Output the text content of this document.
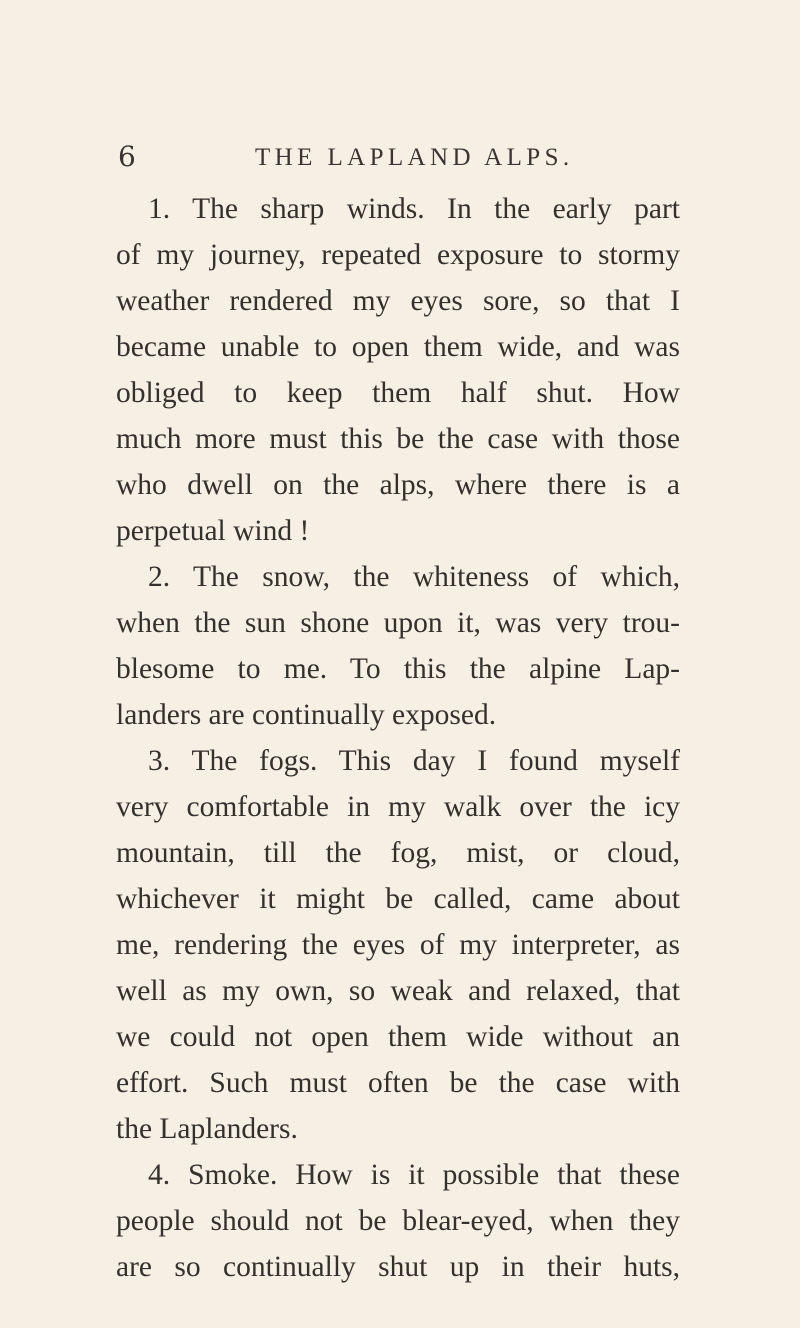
6	THE LAPLAND ALPS.
1. The sharp winds. In the early part
of my journey, repeated exposure to stormy
weather rendered my eyes sore, so that I
became unable to open them wide, and was
obliged to keep them half shut. How
much more must this be the case with those
who dwell on the alps, where there is a
perpetual wind !
2. The snow, the whiteness of which,
when the sun shone upon it, was very trou-
blesome to me. To this the alpine Lap-
landers are continually exposed.
3. The fogs. This day I found myself
very comfortable in my walk over the icy
mountain, till the fog, mist, or cloud,
whichever it might be called, came about
me, rendering the eyes of my interpreter, as
well as my own, so weak and relaxed, that
we could not open them wide without an
effort. Such must often be the case with
the Laplanders.
4. Smoke. How is it possible that these
people should not be blear-eyed, when they
are so continually shut up in their huts,
